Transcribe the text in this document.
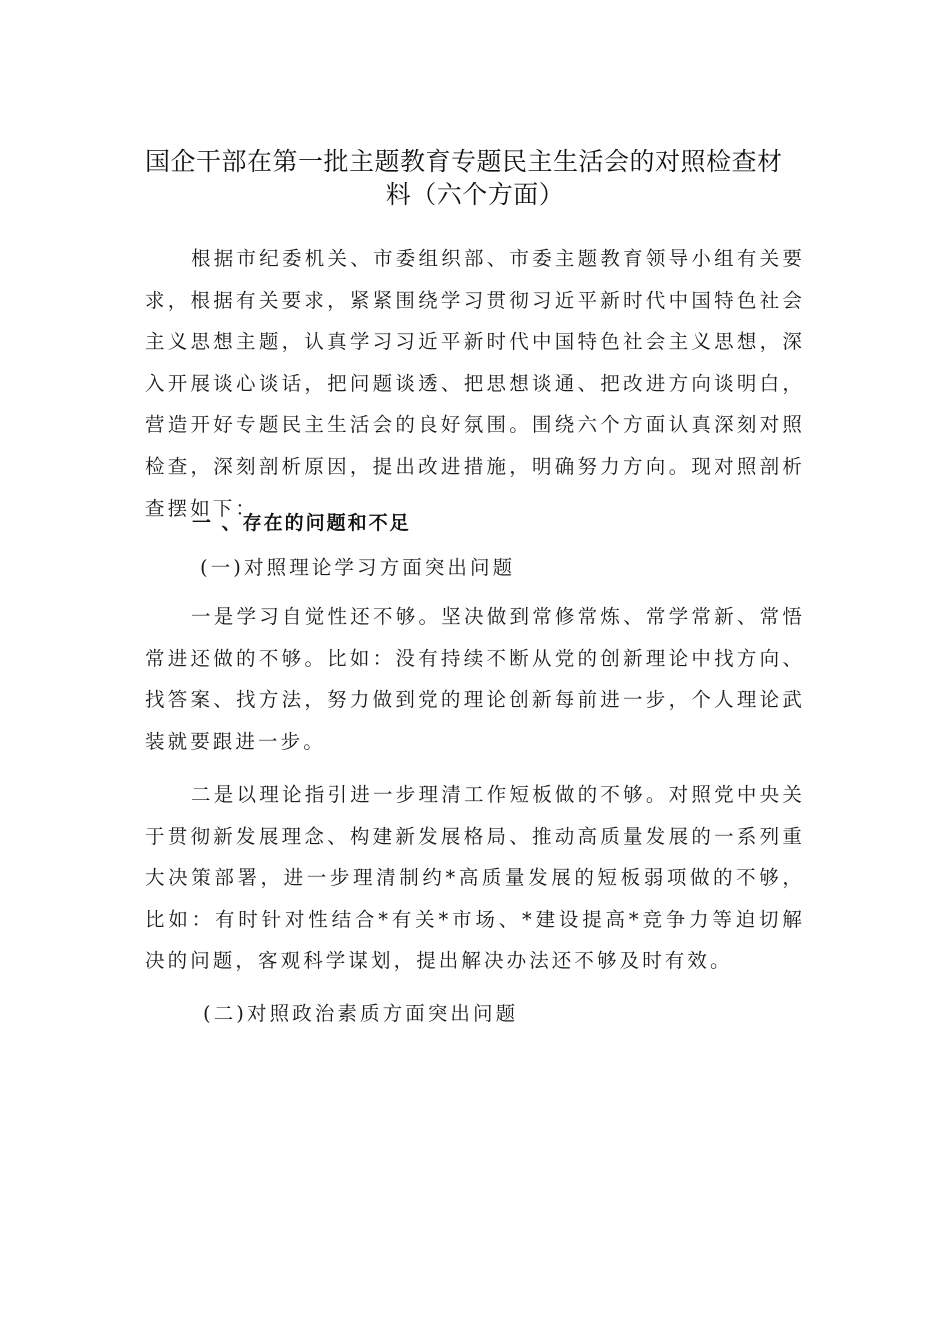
国企干部在第一批主题教育专题民主生活会的对照检查材
料（六个方面）
根据市纪委机关、市委组织部、市委主题教育领导小组有关要求，根据有关要求，紧紧围绕学习贯彻习近平新时代中国特色社会主义思想主题，认真学习习近平新时代中国特色社会主义思想，深入开展谈心谈话，把问题谈透、把思想谈通、把改进方向谈明白，营造开好专题民主生活会的良好氛围。围绕六个方面认真深刻对照检查，深刻剖析原因，提出改进措施，明确努力方向。现对照剖析查摆如下：
一 、存在的问题和不足
(一)对照理论学习方面突出问题
一是学习自觉性还不够。坚决做到常修常炼、常学常新、常悟常进还做的不够。比如：没有持续不断从党的创新理论中找方向、找答案、找方法，努力做到党的理论创新每前进一步，个人理论武装就要跟进一步。
二是以理论指引进一步理清工作短板做的不够。对照党中央关于贯彻新发展理念、构建新发展格局、推动高质量发展的一系列重大决策部署，进一步理清制约*高质量发展的短板弱项做的不够，比如：有时针对性结合*有关*市场、*建设提高*竞争力等迫切解决的问题，客观科学谋划，提出解决办法还不够及时有效。
(二)对照政治素质方面突出问题
